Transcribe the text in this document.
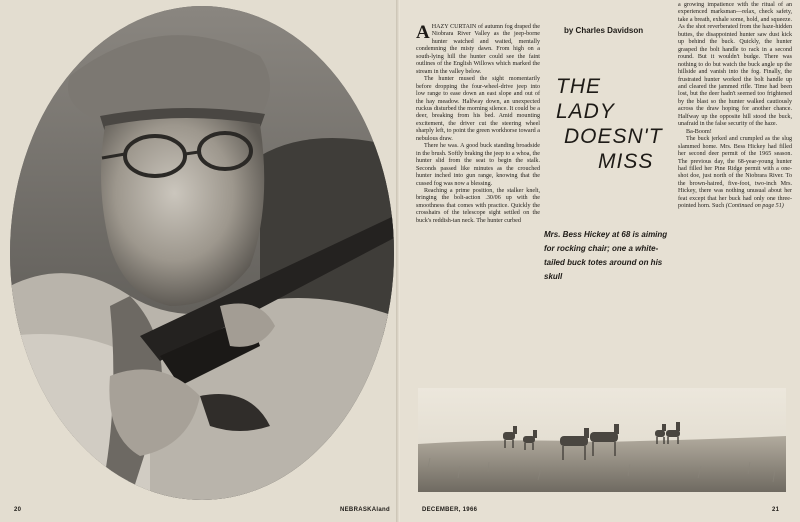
20	NEBRASKAland
by Charles Davidson

AHAZY CURTAIN of autumn fog draped the Niobrara River Valley as the jeep-borne hunter watched and waited, mentally condemning the misty dawn. From high on a south-lying hill the hunter could see the faint outlines of the English Willows which marked the stream in the valley below.

The hunter mused the sight momentarily before dropping the four-wheel-drive jeep into low range to ease down an east slope and out of the hay meadow. Halfway down, an unexpected ruckus disturbed the morning silence. It could be a deer, breaking from his bed. Amid mounting excitement, the driver cut the steering wheel sharply left, to point the green workhorse toward a nebulous draw.

There he was. A good buck standing broadside in the brush. Softly braking the jeep to a whoa, the hunter slid from the seat to begin the stalk. Seconds passed like minutes as the crouched hunter inched into gun range, knowing that the cussed fog was now a blessing.

Reaching a prime position, the stalker knelt, bringing the bolt-action .30/06 up with the smoothness that comes with practice. Quickly the crosshairs of the telescope sight settled on the buck's reddish-tan neck. The hunter curbed

THE
LADY
DOESN'T
MISS
Mrs. Bess Hickey at 68 is aiming for rocking chair; one a white-tailed buck totes around on his skull

a growing impatience with the ritual of an experienced marksman—relax, check safety, take a breath, exhale some, hold, and squeeze. As the shot reverberated from the haze-hidden buttes, the disappointed hunter saw dust kick up behind the buck. Quickly, the hunter grasped the bolt handle to rack in a second round. But it wouldn't budge. There was nothing to do but watch the buck angle up the hillside and vanish into the fog. Finally, the frustrated hunter worked the bolt handle up and cleared the jammed rifle. Time had been lost, but the deer hadn't seemed too frightened by the blast so the hunter walked cautiously across the draw hoping for another chance. Halfway up the opposite hill stood the buck, unafraid in the false security of the haze.

Ba-Boom!

The buck jerked and crumpled as the slug slammed home. Mrs. Bess Hickey had filled her second deer permit of the 1965 season. The previous day, the 68-year-young hunter had filled her Pine Ridge permit with a one-shot doe, just north of the Niobrara River. To the brown-haired, five-foot, two-inch Mrs. Hickey, there was nothing unusual about her feat except that her buck had only one three-pointed horn. Such (Continued on page 51)

DECEMBER, 1966	21
